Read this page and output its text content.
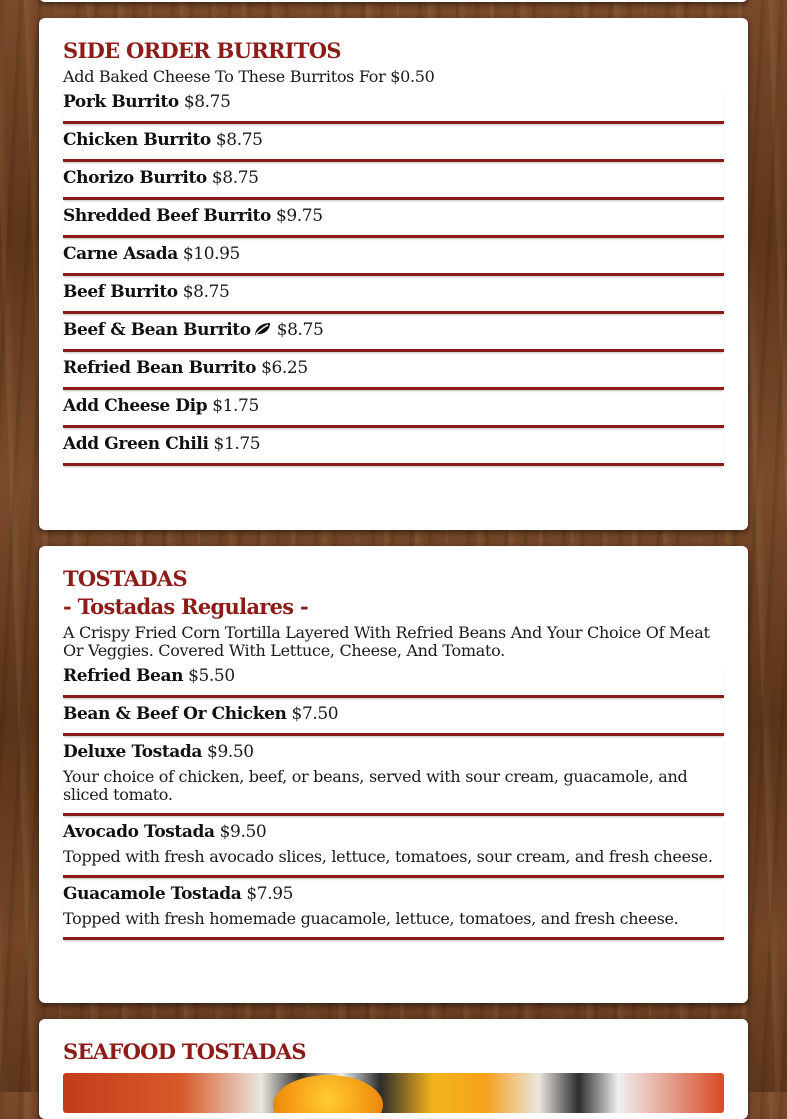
SIDE ORDER BURRITOS
Add Baked Cheese To These Burritos For $0.50
Pork Burrito $8.75
Chicken Burrito $8.75
Chorizo Burrito $8.75
Shredded Beef Burrito $9.75
Carne Asada $10.95
Beef Burrito $8.75
Beef & Bean Burrito $8.75
Refried Bean Burrito $6.25
Add Cheese Dip $1.75
Add Green Chili $1.75
TOSTADAS
- Tostadas Regulares -
A Crispy Fried Corn Tortilla Layered With Refried Beans And Your Choice Of Meat Or Veggies. Covered With Lettuce, Cheese, And Tomato.
Refried Bean $5.50
Bean & Beef Or Chicken $7.50
Deluxe Tostada $9.50
Your choice of chicken, beef, or beans, served with sour cream, guacamole, and sliced tomato.
Avocado Tostada $9.50
Topped with fresh avocado slices, lettuce, tomatoes, sour cream, and fresh cheese.
Guacamole Tostada $7.95
Topped with fresh homemade guacamole, lettuce, tomatoes, and fresh cheese.
SEAFOOD TOSTADAS
